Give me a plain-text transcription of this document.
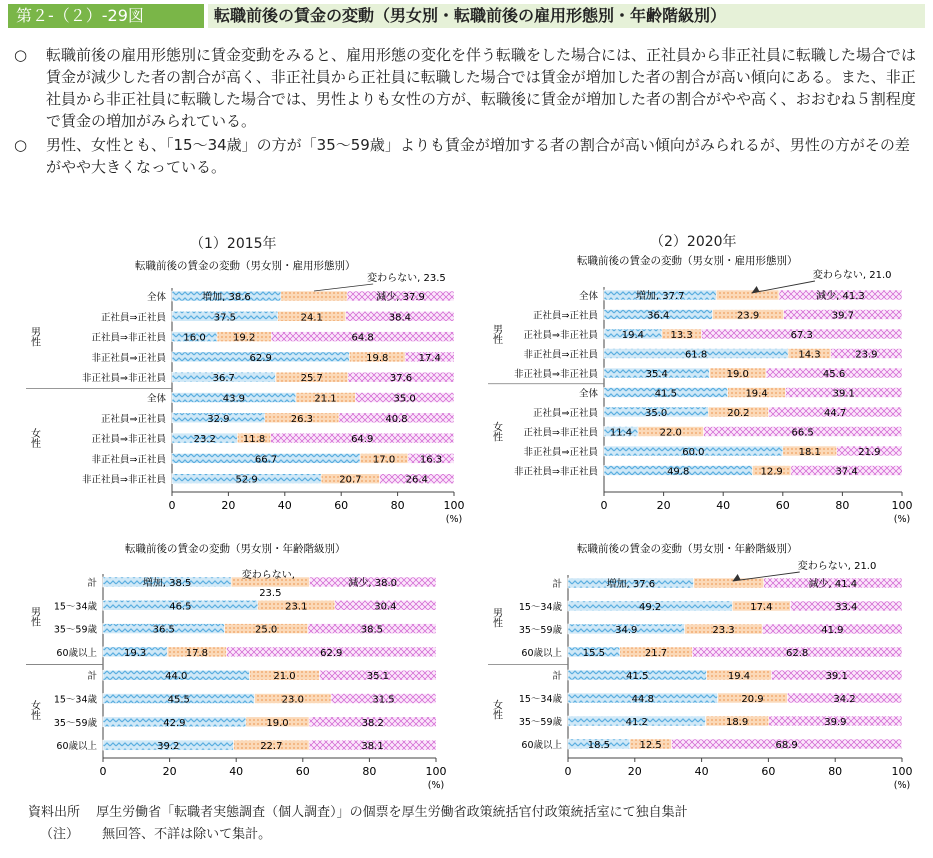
第２-（２）-29図	転職前後の賃金の変動（男女別・転職前後の雇用形態別・年齢階級別）
○	転職前後の雇用形態別に賃金変動をみると、雇用形態の変化を伴う転職をした場合には、正社員から非正社員に転職した場合では賃金が減少した者の割合が高く、非正社員から正社員に転職した場合では賃金が増加した者の割合が高い傾向にある。また、非正社員から非正社員に転職した場合では、男性よりも女性の方が、転職後に賃金が増加した者の割合がやや高く、おおむね５割程度で賃金の増加がみられている。
○	男性、女性とも、「15～34歳」の方が「35～59歳」よりも賃金が増加する者の割合が高い傾向がみられるが、男性の方がその差がやや大きくなっている。
（1）2015年	（2）2020年
転職前後の賃金の変動（男女別・雇用形態別）
0	20	40	60	80	100
(%)
全体	増加, 38.6	減少, 37.9
正社員⇒正社員	37.5	24.1	38.4
正社員⇒非正社員 16.0	19.2	64.8
非正社員⇒正社員	62.9	19.8	17.4
非正社員⇒非正社員	36.7	25.7	37.6
男性
全体	43.9	21.1	35.0
正社員⇒正社員	32.9	26.3	40.8
正社員⇒非正社員	23.2	11.8	64.9
非正社員⇒正社員	66.7	17.0 16.3
非正社員⇒非正社員	52.9	20.7	26.4
女性
変わらない, 23.5
転職前後の賃金の変動（男女別・雇用形態別）
0	20	40	60	80	100
(%)
全体	増加, 37.7	減少, 41.3
正社員⇒正社員	36.4	23.9	39.7
正社員⇒非正社員 19.4	13.3	67.3
非正社員⇒正社員	61.8	14.3	23.9
非正社員⇒非正社員	35.4	19.0	45.6
男性
全体	41.5	19.4	39.1
正社員⇒正社員	35.0	20.2	44.7
正社員⇒非正社員 11.4	22.0	66.5
非正社員⇒正社員	60.0	18.1	21.9
非正社員⇒非正社員	49.8	12.9	37.4
女性
変わらない, 21.0
転職前後の賃金の変動（男女別・年齢階級別）
0	20	40	60	80	100
(%)
計	増加, 38.5	減少, 38.0
15～34歳	46.5	23.1	30.4
35～59歳	36.5	25.0	38.5
60歳以上	19.3	17.8	62.9
男性
計	44.0	21.0	35.1
15～34歳	45.5	23.0	31.5
35～59歳	42.9	19.0	38.2
60歳以上	39.2	22.7	38.1
女性
変わらない,
23.5
転職前後の賃金の変動（男女別・年齢階級別）
0	20	40	60	80	100
(%)
計	増加, 37.6	減少, 41.4
15～34歳	49.2	17.4	33.4
35～59歳	34.9	23.3	41.9
60歳以上 15.5	21.7	62.8
男性
計	41.5	19.4	39.1
15～34歳	44.8	20.9	34.2
35～59歳	41.2	18.9	39.9
60歳以上	18.5	12.5	68.9
女性
変わらない, 21.0
資料出所 厚生労働省「転職者実態調査（個人調査）」の個票を厚生労働省政策統括官付政策統括室にて独自集計
（注） 無回答、不詳は除いて集計。
